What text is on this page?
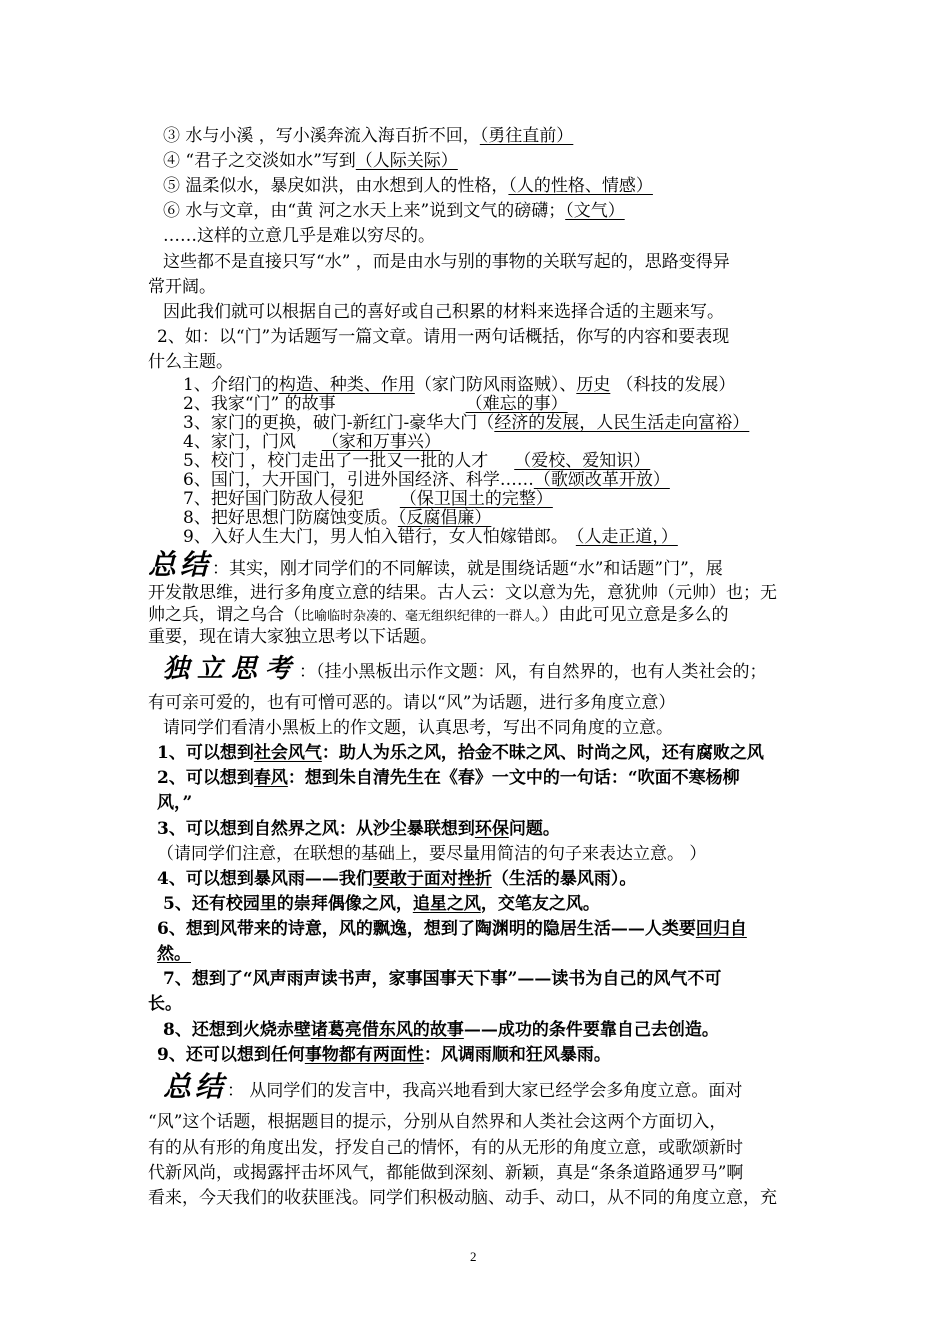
③ 水与小溪 ，写小溪奔流入海百折不回，（勇往直前）
④ “君子之交淡如水”写到（人际关际）
⑤ 温柔似水，暴戾如洪，由水想到人的性格，（人的性格、情感）
⑥ 水与文章，由“黄 河之水天上来”说到文气的磅礴；（文气）
……这样的立意几乎是难以穷尽的。
这些都不是直接只写“水” ，而是由水与别的事物的关联写起的，思路变得异
常开阔。
因此我们就可以根据自己的喜好或自己积累的材料来选择合适的主题来写。
2、如：以“门”为话题写一篇文章。请用一两句话概括，你写的内容和要表现
什么主题。
1、介绍门的构造、种类、作用（家门防风雨盗贼）、历史 （科技的发展）
2、我家“门” 的故事	（难忘的事）
3、家门的更换，破门-新红门-豪华大门（经济的发展，人民生活走向富裕）
4、家门，门风 （家和万事兴）
5、校门 ，校门走出了一批又一批的人才 （爱校、爱知识）
6、国门，大开国门，引进外国经济、科学……（歌颂改革开放）
7、把好国门防敌人侵犯 （保卫国土的完整）
8、把好思想门防腐蚀变质。（反腐倡廉）
9、入好人生大门，男人怕入错行，女人怕嫁错郎。 （人走正道，）
总结：其实，刚才同学们的不同解读，就是围绕话题“水”和话题”门”，展
开发散思维，进行多角度立意的结果。古人云：文以意为先，意犹帅（元帅）也；无
帅之兵，谓之乌合（比喻临时杂凑的、毫无组织纪律的一群人。）由此可见立意是多么的
重要，现在请大家独立思考以下话题。
独立思考：（挂小黑板出示作文题：风，有自然界的，也有人类社会的；
有可亲可爱的，也有可憎可恶的。请以“风”为话题，进行多角度立意）
请同学们看清小黑板上的作文题，认真思考，写出不同角度的立意。
1、可以想到社会风气：助人为乐之风，拾金不昧之风、时尚之风，还有腐败之风
2、可以想到春风：想到朱自清先生在《春》一文中的一句话：“吹面不寒杨柳
风，”
3、可以想到自然界之风：从沙尘暴联想到环保问题。
（请同学们注意，在联想的基础上，要尽量用简洁的句子来表达立意。 ）
4、可以想到暴风雨——我们要敢于面对挫折（生活的暴风雨）。
5、还有校园里的崇拜偶像之风，追星之风，交笔友之风。
6、想到风带来的诗意，风的飘逸，想到了陶渊明的隐居生活——人类要回归自
然。
7、想到了“风声雨声读书声，家事国事天下事”——读书为自己的风气不可
长。
8、还想到火烧赤壁诸葛亮借东风的故事——成功的条件要靠自己去创造。
9、还可以想到任何事物都有两面性：风调雨顺和狂风暴雨。
总结： 从同学们的发言中，我高兴地看到大家已经学会多角度立意。面对
“风”这个话题，根据题目的提示，分别从自然界和人类社会这两个方面切入，
有的从有形的角度出发，抒发自己的情怀，有的从无形的角度立意，或歌颂新时
代新风尚，或揭露抨击坏风气，都能做到深刻、新颖，真是“条条道路通罗马”啊
看来，今天我们的收获匪浅。同学们积极动脑、动手、动口，从不同的角度立意，充
2
